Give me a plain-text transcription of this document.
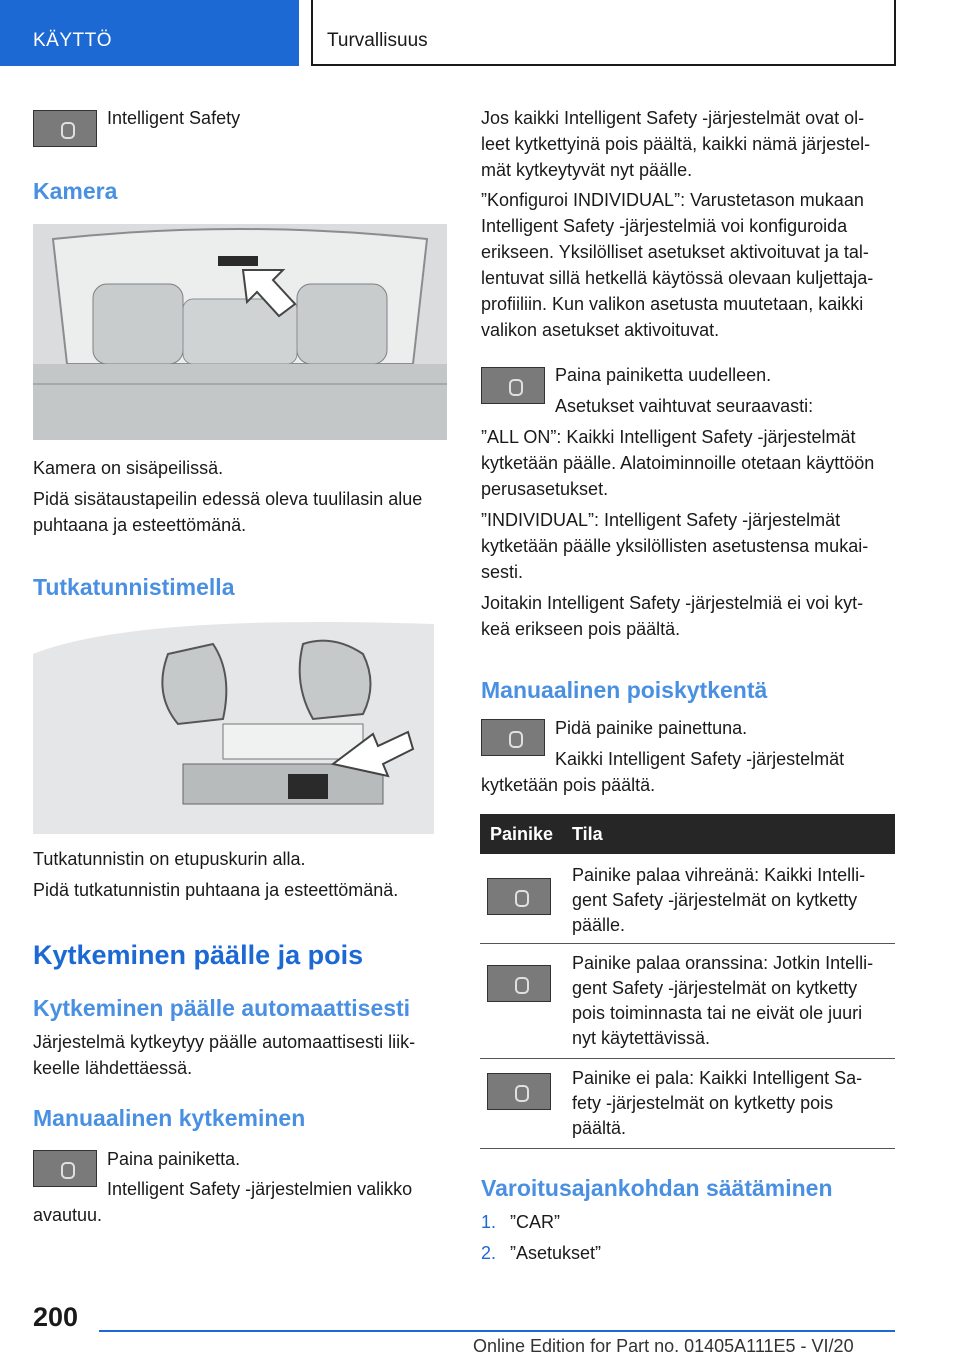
KÄYTTÖ	Turvallisuus
Intelligent Safety
Kamera
Kamera on sisäpeilissä.
Pidä sisätaustapeilin edessä oleva tuulilasin alue
puhtaana ja esteettömänä.
Tutkatunnistimella
Tutkatunnistin on etupuskurin alla.
Pidä tutkatunnistin puhtaana ja esteettömänä.
Kytkeminen päälle ja pois
Kytkeminen päälle automaattisesti
Järjestelmä kytkeytyy päälle automaattisesti liik-
keelle lähdettäessä.
Manuaalinen kytkeminen
Paina painiketta.
Intelligent Safety -järjestelmien valikko
avautuu.
Jos kaikki Intelligent Safety -järjestelmät ovat ol-
leet kytkettyinä pois päältä, kaikki nämä järjestel-
mät kytkeytyvät nyt päälle.
”Konfiguroi INDIVIDUAL”: Varustetason mukaan
Intelligent Safety -järjestelmiä voi konfiguroida
erikseen. Yksilölliset asetukset aktivoituvat ja tal-
lentuvat sillä hetkellä käytössä olevaan kuljettaja-
profiiliin. Kun valikon asetusta muutetaan, kaikki
valikon asetukset aktivoituvat.
Paina painiketta uudelleen.
Asetukset vaihtuvat seuraavasti:
”ALL ON”: Kaikki Intelligent Safety -järjestelmät
kytketään päälle. Alatoiminnoille otetaan käyttöön
perusasetukset.
”INDIVIDUAL”: Intelligent Safety -järjestelmät
kytketään päälle yksilöllisten asetustensa mukai-
sesti.
Joitakin Intelligent Safety -järjestelmiä ei voi kyt-
keä erikseen pois päältä.
Manuaalinen poiskytkentä
Pidä painike painettuna.
Kaikki Intelligent Safety -järjestelmät
kytketään pois päältä.
Painike Tila
Painike palaa vihreänä: Kaikki Intelli-
gent Safety -järjestelmät on kytketty
päälle.
Painike palaa oranssina: Jotkin Intelli-
gent Safety -järjestelmät on kytketty
pois toiminnasta tai ne eivät ole juuri
nyt käytettävissä.
Painike ei pala: Kaikki Intelligent Sa-
fety -järjestelmät on kytketty pois
päältä.
Varoitusajankohdan säätäminen
1. ”CAR”
2. ”Asetukset”
200
Online Edition for Part no. 01405A111E5 - VI/20
